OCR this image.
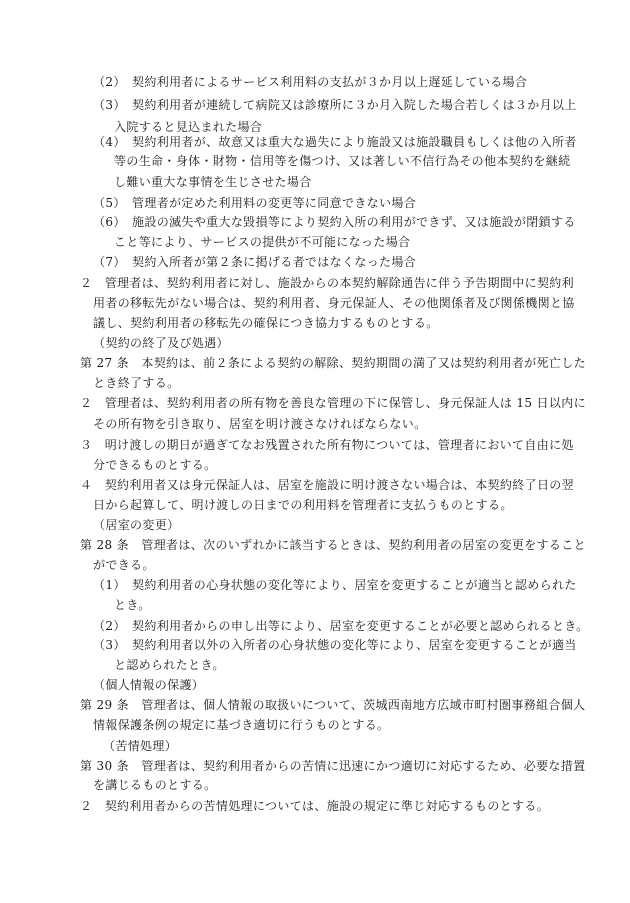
（2）　契約利用者によるサービス利用料の支払が３か月以上遅延している場合
（3）　契約利用者が連続して病院又は診療所に３か月入院した場合若しくは３か月以上
入院すると見込まれた場合
（4）　契約利用者が、故意又は重大な過失により施設又は施設職員もしくは他の入所者
等の生命・身体・財物・信用等を傷つけ、又は著しい不信行為その他本契約を継続
し難い重大な事情を生じさせた場合
（5）　管理者が定めた利用料の変更等に同意できない場合
（6）　施設の滅失や重大な毀損等により契約入所の利用ができず、又は施設が閉鎖する
こと等により、サービスの提供が不可能になった場合
（7）　契約入所者が第２条に掲げる者ではなくなった場合
２　管理者は、契約利用者に対し、施設からの本契約解除通告に伴う予告期間中に契約利
用者の移転先がない場合は、契約利用者、身元保証人、その他関係者及び関係機関と協
議し、契約利用者の移転先の確保につき協力するものとする。
（契約の終了及び処遇）
第 27 条　本契約は、前２条による契約の解除、契約期間の満了又は契約利用者が死亡した
とき終了する。
２　管理者は、契約利用者の所有物を善良な管理の下に保管し、身元保証人は 15 日以内に
その所有物を引き取り、居室を明け渡さなければならない。
３　明け渡しの期日が過ぎてなお残置された所有物については、管理者において自由に処
分できるものとする。
４　契約利用者又は身元保証人は、居室を施設に明け渡さない場合は、本契約終了日の翌
日から起算して、明け渡しの日までの利用料を管理者に支払うものとする。
（居室の変更）
第 28 条　管理者は、次のいずれかに該当するときは、契約利用者の居室の変更をすること
ができる。
（1）　契約利用者の心身状態の変化等により、居室を変更することが適当と認められた
とき。
（2）　契約利用者からの申し出等により、居室を変更することが必要と認められるとき。
（3）　契約利用者以外の入所者の心身状態の変化等により、居室を変更することが適当
と認められたとき。
（個人情報の保護）
第 29 条　管理者は、個人情報の取扱いについて、茨城西南地方広域市町村圏事務組合個人
情報保護条例の規定に基づき適切に行うものとする。
（苦情処理）
第 30 条　管理者は、契約利用者からの苦情に迅速にかつ適切に対応するため、必要な措置
を講じるものとする。
２　契約利用者からの苦情処理については、施設の規定に準じ対応するものとする。
